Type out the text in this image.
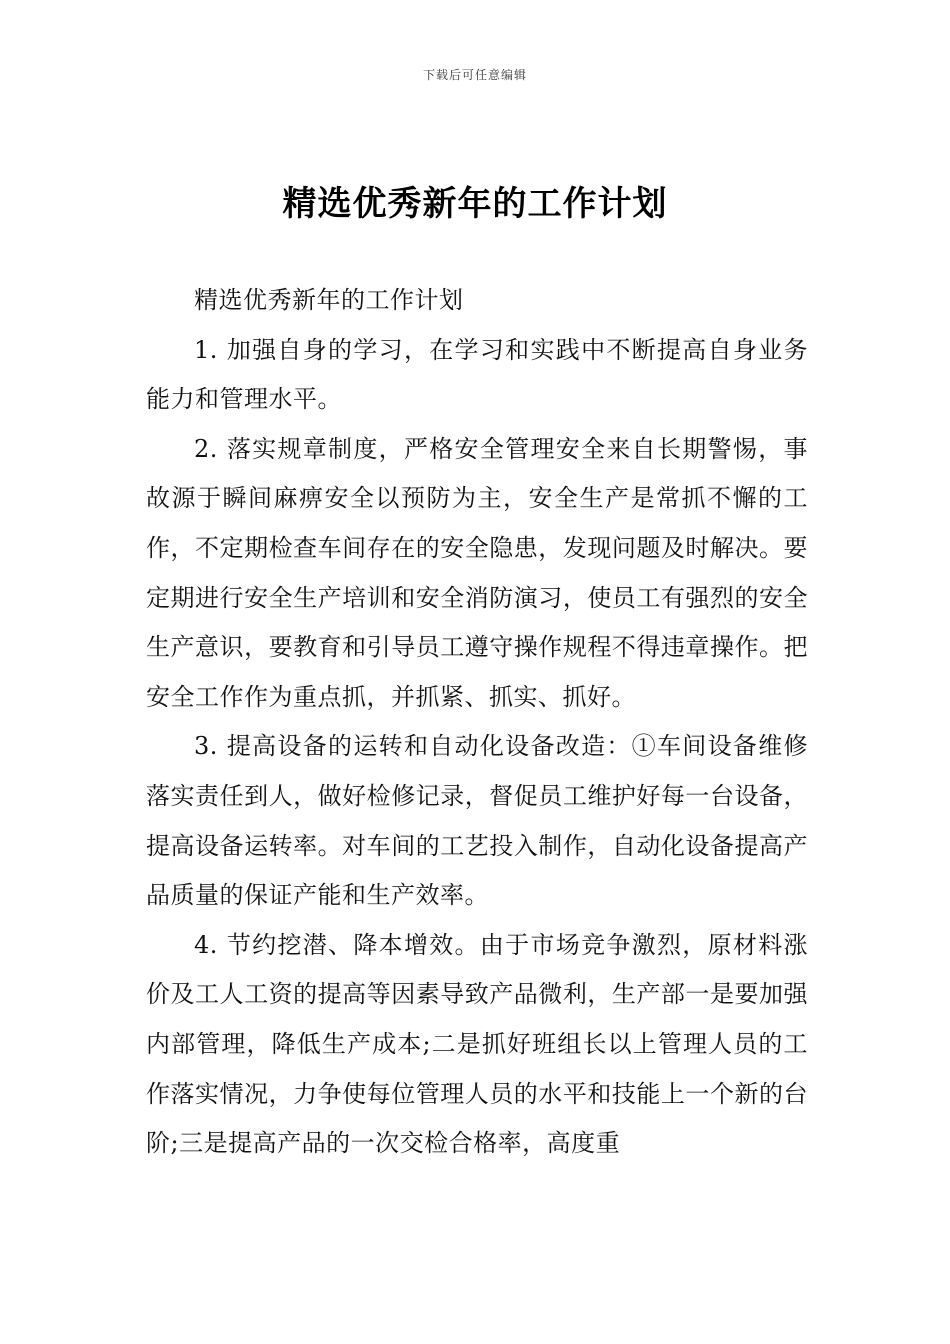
下载后可任意编辑
精选优秀新年的工作计划

精选优秀新年的工作计划

1. 加强自身的学习，在学习和实践中不断提高自身业务能力和管理水平。

2. 落实规章制度，严格安全管理安全来自长期警惕，事故源于瞬间麻痹安全以预防为主，安全生产是常抓不懈的工作，不定期检查车间存在的安全隐患，发现问题及时解决。要定期进行安全生产培训和安全消防演习，使员工有强烈的安全生产意识，要教育和引导员工遵守操作规程不得违章操作。把安全工作作为重点抓，并抓紧、抓实、抓好。

3. 提高设备的运转和自动化设备改造：①车间设备维修落实责任到人，做好检修记录，督促员工维护好每一台设备，提高设备运转率。对车间的工艺投入制作，自动化设备提高产品质量的保证产能和生产效率。

4. 节约挖潜、降本增效。由于市场竞争激烈，原材料涨价及工人工资的提高等因素导致产品微利，生产部一是要加强内部管理，降低生产成本;二是抓好班组长以上管理人员的工作落实情况，力争使每位管理人员的水平和技能上一个新的台阶;三是提高产品的一次交检合格率，高度重
